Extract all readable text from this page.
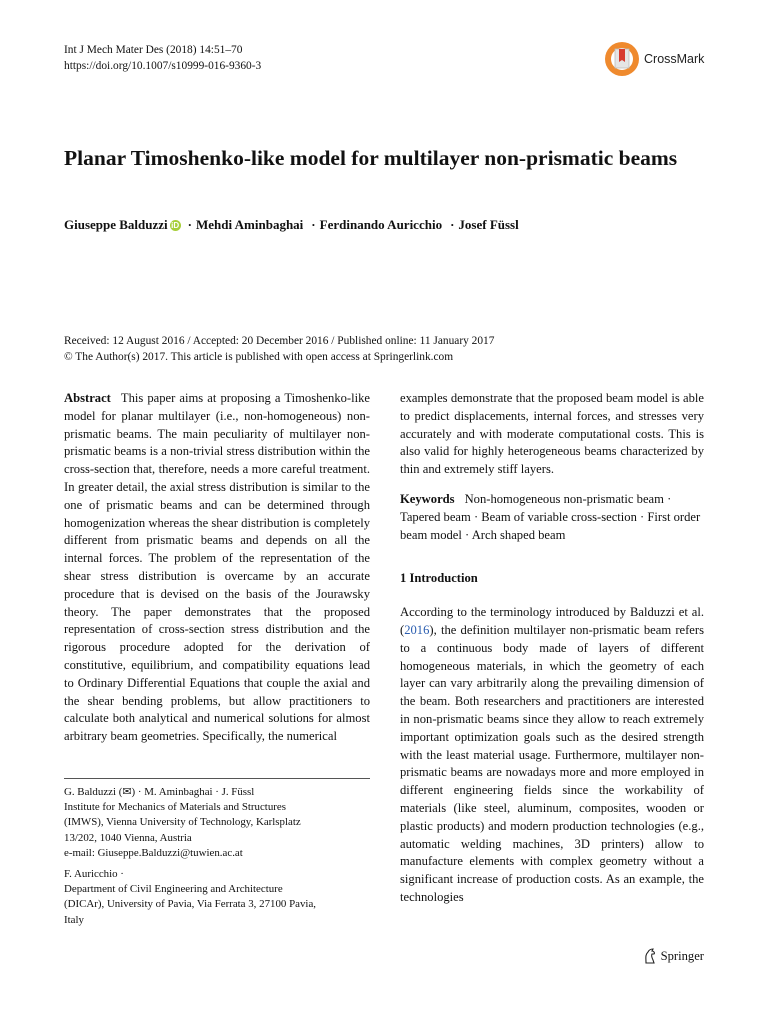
Int J Mech Mater Des (2018) 14:51–70
https://doi.org/10.1007/s10999-016-9360-3	CrossMark
Planar Timoshenko-like model for multilayer non-prismatic beams
Giuseppe Balduzzi iD · Mehdi Aminbaghai · Ferdinando Auricchio · Josef Füssl
Received: 12 August 2016 / Accepted: 20 December 2016 / Published online: 11 January 2017
© The Author(s) 2017. This article is published with open access at Springerlink.com

Abstract This paper aims at proposing a Timoshenko-like model for planar multilayer (i.e., non-homogeneous) non-prismatic beams. The main peculiarity of multilayer non-prismatic beams is a non-trivial stress distribution within the cross-section that, therefore, needs a more careful treatment. In greater detail, the axial stress distribution is similar to the one of prismatic beams and can be determined through homogenization whereas the shear distribution is completely different from prismatic beams and depends on all the internal forces. The problem of the representation of the shear stress distribution is overcame by an accurate procedure that is devised on the basis of the Jourawsky theory. The paper demonstrates that the proposed representation of cross-section stress distribution and the rigorous procedure adopted for the derivation of constitutive, equilibrium, and compatibility equations lead to Ordinary Differential Equations that couple the axial and the shear bending problems, but allow practitioners to calculate both analytical and numerical solutions for almost arbitrary beam geometries. Specifically, the numerical

examples demonstrate that the proposed beam model is able to predict displacements, internal forces, and stresses very accurately and with moderate computational costs. This is also valid for highly heterogeneous beams characterized by thin and extremely stiff layers.

Keywords Non-homogeneous non-prismatic beam · Tapered beam · Beam of variable cross-section · First order beam model · Arch shaped beam

1 Introduction

According to the terminology introduced by Balduzzi et al. (2016), the definition multilayer non-prismatic beam refers to a continuous body made of layers of different homogeneous materials, in which the geometry of each layer can vary arbitrarily along the prevailing dimension of the beam. Both researchers and practitioners are interested in non-prismatic beams since they allow to reach extremely important optimization goals such as the desired strength with the least material usage. Furthermore, multilayer non-prismatic beams are nowadays more and more employed in different engineering fields since the workability of materials (like steel, aluminum, composites, wooden or plastic products) and modern production technologies (e.g., automatic welding machines, 3D printers) allow to manufacture elements with complex geometry without a significant increase of production costs. As an example, the technologies

G. Balduzzi (✉) · M. Aminbaghai · J. Füssl
Institute for Mechanics of Materials and Structures
(IMWS), Vienna University of Technology, Karlsplatz
13/202, 1040 Vienna, Austria
e-mail: Giuseppe.Balduzzi@tuwien.ac.at
F. Auricchio ·
Department of Civil Engineering and Architecture
(DICAr), University of Pavia, Via Ferrata 3, 27100 Pavia,
Italy
Springer
